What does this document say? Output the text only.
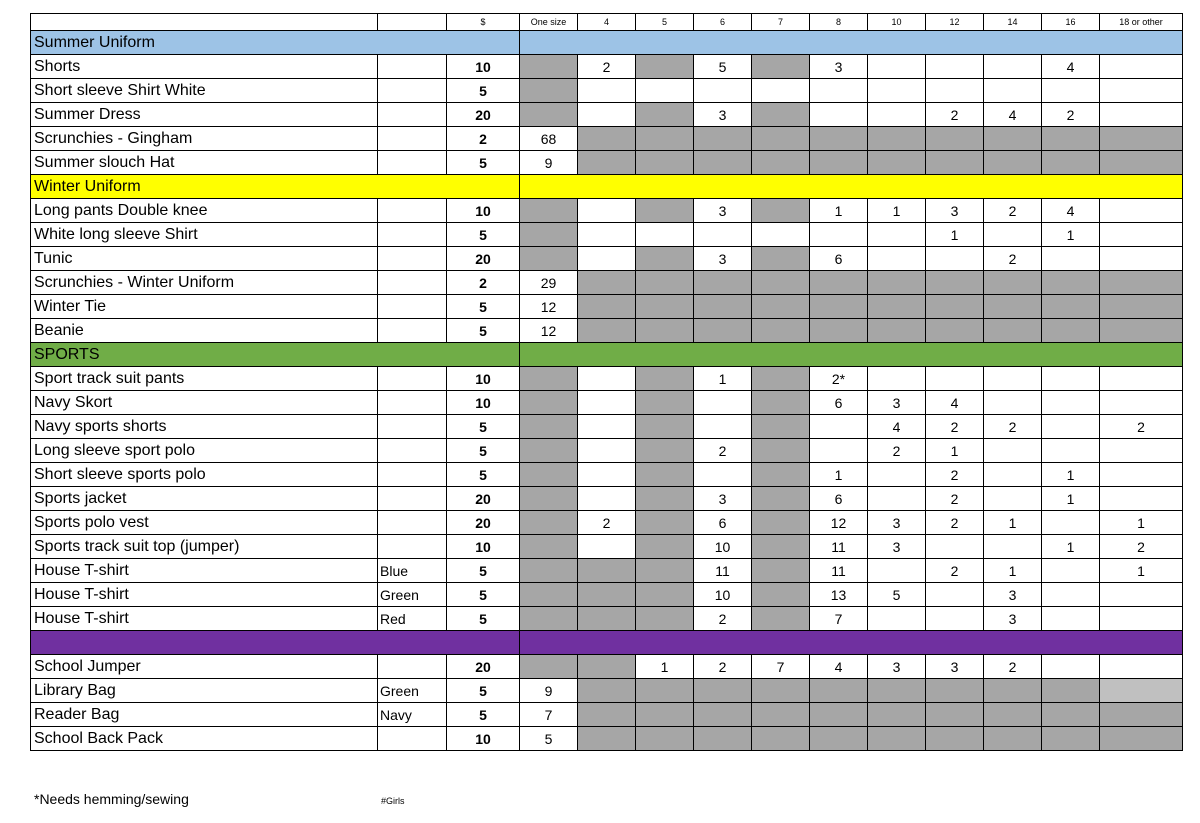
		$	One size	4	5	6	7	8	10	12	14	16	18 or other
Summer Uniform													
Shorts		10		2		5		3				4	
Short sleeve Shirt White		5											
Summer Dress		20				3				2	4	2	
Scrunchies - Gingham		2	68										
Summer slouch Hat		5	9										
Winter Uniform													
Long pants Double knee		10				3		1	1	3	2	4	
White long sleeve Shirt		5								1		1	
Tunic		20				3		6			2		
Scrunchies - Winter Uniform		2	29										
Winter Tie		5	12										
Beanie		5	12										
SPORTS													
Sport track suit pants		10				1		2*					
Navy Skort		10						6	3	4			
Navy sports shorts		5							4	2	2		2
Long sleeve sport polo		5				2			2	1			
Short sleeve sports polo		5						1		2		1	
Sports jacket		20				3		6		2		1	
Sports polo vest		20		2		6		12	3	2	1		1
Sports track suit top (jumper)		10				10		11	3			1	2
House T-shirt	Blue	5				11		11		2	1		1
House T-shirt	Green	5				10		13	5		3		
House T-shirt	Red	5				2		7			3		

School Jumper		20			1	2	7	4	3	3	2		
Library Bag	Green	5	9										
Reader Bag	Navy	5	7										
School Back Pack		10	5										
*Needs hemming/sewing	#Girls
